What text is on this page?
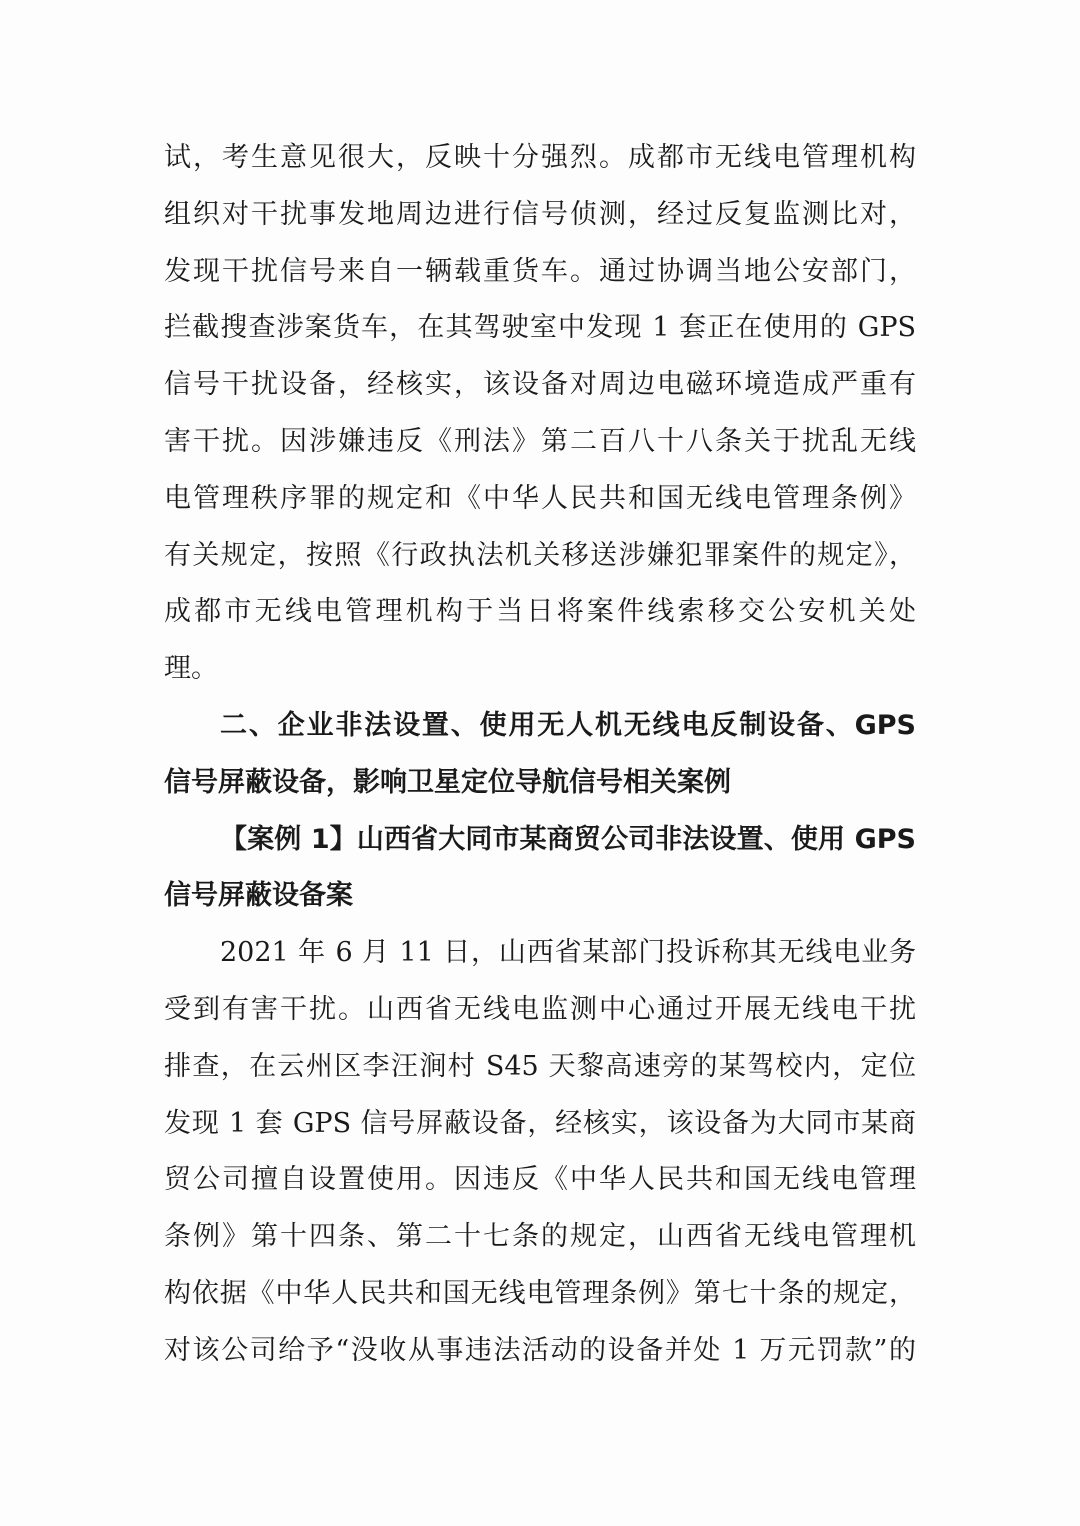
试，考生意见很大，反映十分强烈。成都市无线电管理机构
组织对干扰事发地周边进行信号侦测，经过反复监测比对，
发现干扰信号来自一辆载重货车。通过协调当地公安部门，
拦截搜查涉案货车，在其驾驶室中发现 1 套正在使用的 GPS
信号干扰设备，经核实，该设备对周边电磁环境造成严重有
害干扰。因涉嫌违反《刑法》第二百八十八条关于扰乱无线
电管理秩序罪的规定和《中华人民共和国无线电管理条例》
有关规定，按照《行政执法机关移送涉嫌犯罪案件的规定》，
成都市无线电管理机构于当日将案件线索移交公安机关处
理。
二、企业非法设置、使用无人机无线电反制设备、GPS
信号屏蔽设备，影响卫星定位导航信号相关案例
【案例 1】山西省大同市某商贸公司非法设置、使用 GPS
信号屏蔽设备案
2021 年 6 月 11 日，山西省某部门投诉称其无线电业务
受到有害干扰。山西省无线电监测中心通过开展无线电干扰
排查，在云州区李汪涧村 S45 天黎高速旁的某驾校内，定位
发现 1 套 GPS 信号屏蔽设备，经核实，该设备为大同市某商
贸公司擅自设置使用。因违反《中华人民共和国无线电管理
条例》第十四条、第二十七条的规定，山西省无线电管理机
构依据《中华人民共和国无线电管理条例》第七十条的规定，
对该公司给予“没收从事违法活动的设备并处 1 万元罚款”的
